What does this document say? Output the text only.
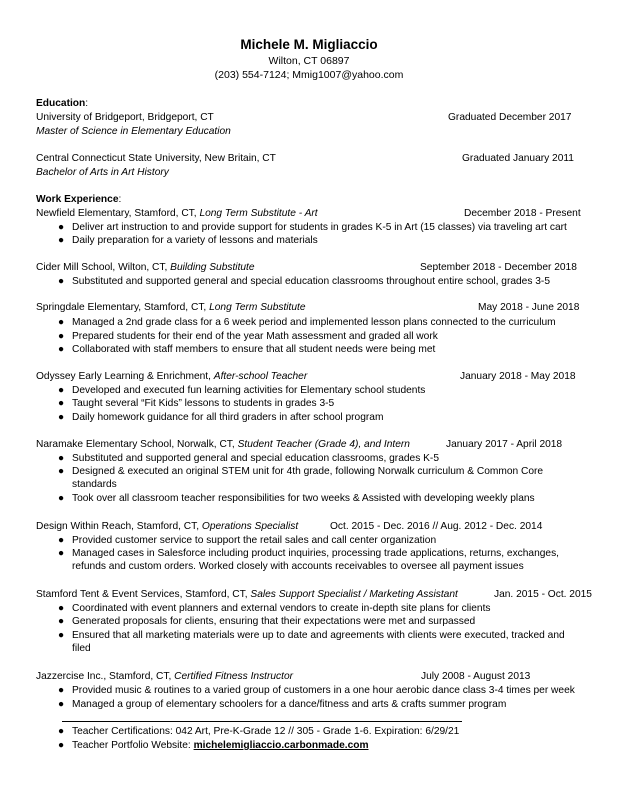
Michele M. Migliaccio
Wilton, CT 06897
(203) 554-7124; Mmig1007@yahoo.com
Education:
University of Bridgeport, Bridgeport, CT	Graduated December 2017
Master of Science in Elementary Education
Central Connecticut State University, New Britain, CT	Graduated January 2011
Bachelor of Arts in Art History
Work Experience:
Newfield Elementary, Stamford, CT, Long Term Substitute - Art	December 2018 - Present
● Deliver art instruction to and provide support for students in grades K-5 in Art (15 classes) via traveling art cart
● Daily preparation for a variety of lessons and materials
Cider Mill School, Wilton, CT, Building Substitute	September 2018 - December 2018
● Substituted and supported general and special education classrooms throughout entire school, grades 3-5
Springdale Elementary, Stamford, CT, Long Term Substitute	May 2018 - June 2018
● Managed a 2nd grade class for a 6 week period and implemented lesson plans connected to the curriculum
● Prepared students for their end of the year Math assessment and graded all work
● Collaborated with staff members to ensure that all student needs were being met
Odyssey Early Learning & Enrichment, After-school Teacher	January 2018 - May 2018
● Developed and executed fun learning activities for Elementary school students
● Taught several “Fit Kids” lessons to students in grades 3-5
● Daily homework guidance for all third graders in after school program
Naramake Elementary School, Norwalk, CT, Student Teacher (Grade 4), and Intern	January 2017 - April 2018
● Substituted and supported general and special education classrooms, grades K-5
● Designed & executed an original STEM unit for 4th grade, following Norwalk curriculum & Common Core standards
● Took over all classroom teacher responsibilities for two weeks & Assisted with developing weekly plans
Design Within Reach, Stamford, CT, Operations Specialist	Oct. 2015 - Dec. 2016 // Aug. 2012 - Dec. 2014
● Provided customer service to support the retail sales and call center organization
● Managed cases in Salesforce including product inquiries, processing trade applications, returns, exchanges, refunds and custom orders. Worked closely with accounts receivables to oversee all payment issues
Stamford Tent & Event Services, Stamford, CT, Sales Support Specialist / Marketing Assistant	Jan. 2015 - Oct. 2015
● Coordinated with event planners and external vendors to create in-depth site plans for clients
● Generated proposals for clients, ensuring that their expectations were met and surpassed
● Ensured that all marketing materials were up to date and agreements with clients were executed, tracked and filed
Jazzercise Inc., Stamford, CT, Certified Fitness Instructor	July 2008 - August 2013
● Provided music & routines to a varied group of customers in a one hour aerobic dance class 3-4 times per week
● Managed a group of elementary schoolers for a dance/fitness and arts & crafts summer program
● Teacher Certifications: 042 Art, Pre-K-Grade 12 // 305 - Grade 1-6. Expiration: 6/29/21
● Teacher Portfolio Website: michelemigliaccio.carbonmade.com
